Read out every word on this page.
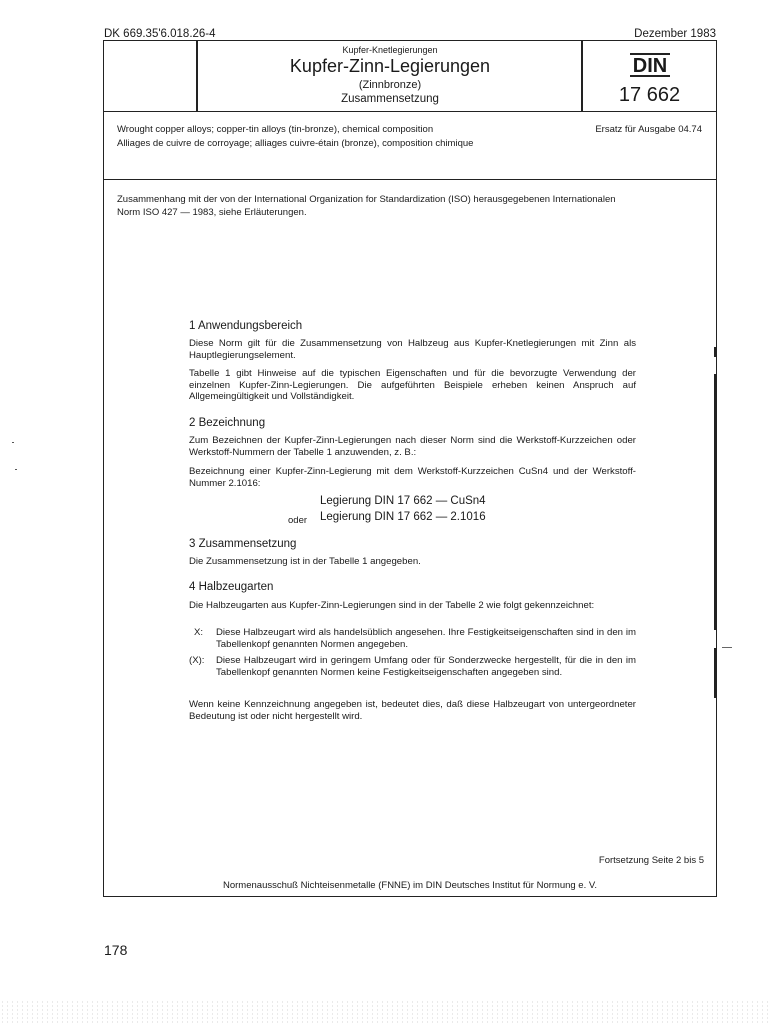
DK 669.35'6.018.26-4	Dezember 1983
Kupfer-Knetlegierungen
Kupfer-Zinn-Legierungen
(Zinnbronze)
Zusammensetzung
DIN
17 662
Wrought copper alloys; copper-tin alloys (tin-bronze), chemical composition
Alliages de cuivre de corroyage; alliages cuivre-étain (bronze), composition chimique
Ersatz für Ausgabe 04.74
Zusammenhang mit der von der International Organization for Standardization (ISO) herausgegebenen Internationalen
Norm ISO 427 — 1983, siehe Erläuterungen.
1 Anwendungsbereich
Diese Norm gilt für die Zusammensetzung von Halbzeug aus Kupfer-Knetlegierungen mit Zinn als Hauptlegierungselement.
Tabelle 1 gibt Hinweise auf die typischen Eigenschaften und für die bevorzugte Verwendung der einzelnen Kupfer-Zinn-Legierungen. Die aufgeführten Beispiele erheben keinen Anspruch auf Allgemeingültigkeit und Vollständigkeit.
2 Bezeichnung
Zum Bezeichnen der Kupfer-Zinn-Legierungen nach dieser Norm sind die Werkstoff-Kurzzeichen oder Werkstoff-Nummern der Tabelle 1 anzuwenden, z. B.:
Bezeichnung einer Kupfer-Zinn-Legierung mit dem Werkstoff-Kurzzeichen CuSn4 und der Werkstoff-Nummer 2.1016:
Legierung DIN 17 662 — CuSn4
oder Legierung DIN 17 662 — 2.1016
3 Zusammensetzung
Die Zusammensetzung ist in der Tabelle 1 angegeben.
4 Halbzeugarten
Die Halbzeugarten aus Kupfer-Zinn-Legierungen sind in der Tabelle 2 wie folgt gekennzeichnet:
X:	Diese Halbzeugart wird als handelsüblich angesehen. Ihre Festigkeitseigenschaften sind in den im Tabellenkopf genannten Normen angegeben.
(X):	Diese Halbzeugart wird in geringem Umfang oder für Sonderzwecke hergestellt, für die in den im Tabellenkopf genannten Normen keine Festigkeitseigenschaften angegeben sind.
Wenn keine Kennzeichnung angegeben ist, bedeutet dies, daß diese Halbzeugart von untergeordneter Bedeutung ist oder nicht hergestellt wird.
Fortsetzung Seite 2 bis 5
Normenausschuß Nichteisenmetalle (FNNE) im DIN Deutsches Institut für Normung e. V.
178
